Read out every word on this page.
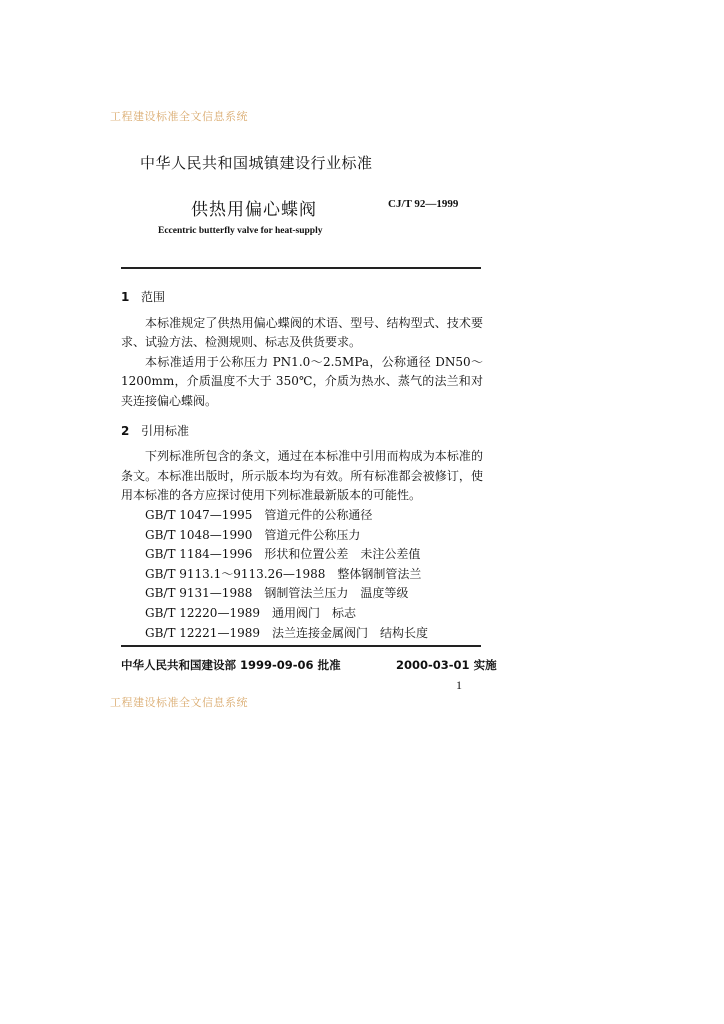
工程建设标准全文信息系统
中华人民共和国城镇建设行业标准
供热用偏心蝶阀	CJ/T 92—1999
Eccentric butterfly valve for heat-supply
1 范围

本标准规定了供热用偏心蝶阀的术语、型号、结构型式、技术要求、试验方法、检测规则、标志及供货要求。

本标准适用于公称压力 PN1.0～2.5MPa，公称通径 DN50～1200mm，介质温度不大于 350℃，介质为热水、蒸气的法兰和对夹连接偏心蝶阀。

2 引用标准

下列标准所包含的条文，通过在本标准中引用而构成为本标准的条文。本标准出版时，所示版本均为有效。所有标准都会被修订，使用本标准的各方应探讨使用下列标准最新版本的可能性。

GB/T 1047—1995 管道元件的公称通径
GB/T 1048—1990 管道元件公称压力
GB/T 1184—1996 形状和位置公差　未注公差值
GB/T 9113.1～9113.26—1988 整体钢制管法兰
GB/T 9131—1988 钢制管法兰压力　温度等级
GB/T 12220—1989 通用阀门　标志
GB/T 12221—1989 法兰连接金属阀门　结构长度
中华人民共和国建设部 1999-09-06 批准	2000-03-01 实施
1
工程建设标准全文信息系统
